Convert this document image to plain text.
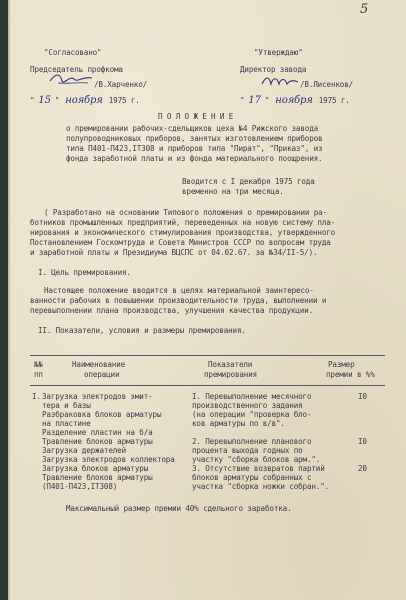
5
"Согласовано"
Председатель профкома
/В.Харченко/
" 15 " ноября 1975 г.
"Утверждаю"
Директор завода
/В.Лисенков/
" 17 " ноября 1975 г.
П О Л О Ж Е Н И Е
о премировании рабочих-сдельщиков цеха №4 Рижского завода
полупроводниковых приборов, занятых изготовлением приборов
типа П401-П423,IТ308 и приборов типа "Пират", "Приказ", из
фонда заработной платы и из фонда материального поощрения.
Вводится с I декабря 1975 года
временно на три месяца.
( Разработано на основании Типового положения о премировании ра-
ботников промышленных предприятий, переведенных на новую систему пла-
нирования и экономического стимулирования производства, утвержденного
Постановлением Госкомтруда и Совета Министров СССР по вопросам труда
и заработной платы и Президиума ВЦСПС от 04.02.67. за №34/II-5/).
I. Цель премирования.
Настоящее положение вводится в целях материальной заинтересо-
ванности рабочих в повышении производительности труда, выполнении и
перевыполнении плана производства, улучшения качества продукции.
II. Показатели, условия и размеры премирования.
№№
пп
Наименование
операции
Показатели
премирования
Размер
премии в %%
I. Загрузка электродов эмит-
тера и базы
Разбраковка блоков арматуры
на пластине
Разделение пластин на б/а
Травление блоков арматуры
Загрузка держателей
Загрузка электродов коллектора
Загрузка блоков арматуры
Травление блоков арматуры
(П401-П423,IТ308)
I. Перевыполнение месячного
производственного задания
(на операции "проверка бло-
ков арматуры по в/в".
2. Перевыполнение планового
процента выхода годных по
участку "сборка блоков арм.".
3. Отсутствие возвратов партий
блоков арматуры собранных с
участка "сборка ножки собран.".
I0
I0
20
Максимальный размер премии 40% сдельного заработка.
